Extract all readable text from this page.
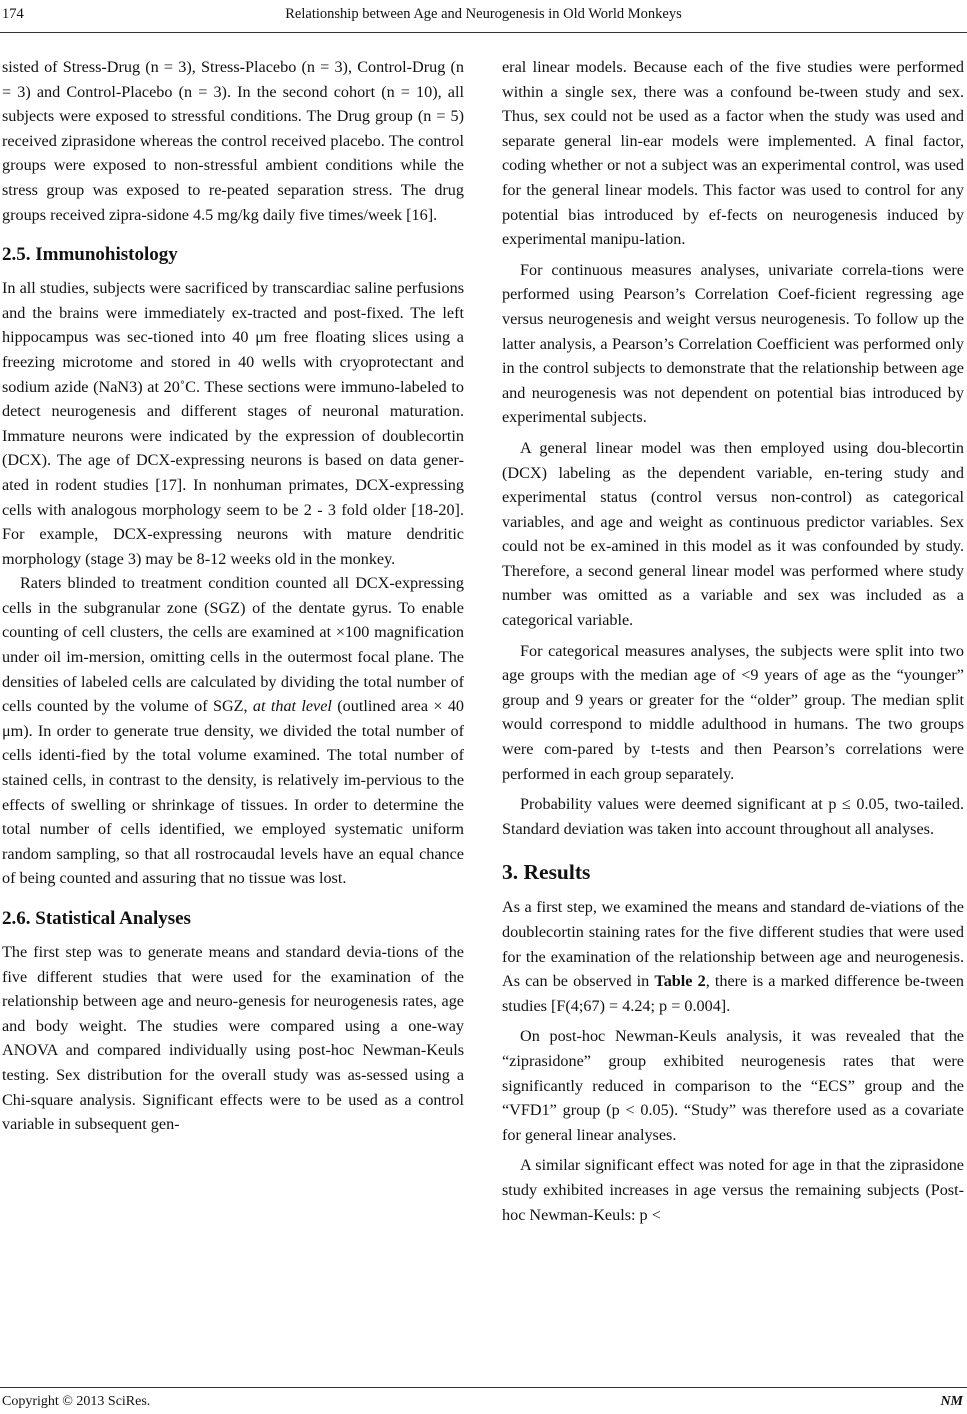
174	Relationship between Age and Neurogenesis in Old World Monkeys

sisted of Stress-Drug (n = 3), Stress-Placebo (n = 3), Control-Drug (n = 3) and Control-Placebo (n = 3). In the second cohort (n = 10), all subjects were exposed to stressful conditions. The Drug group (n = 5) received ziprasidone whereas the control received placebo. The control groups were exposed to non-stressful ambient conditions while the stress group was exposed to re-peated separation stress. The drug groups received zipra-sidone 4.5 mg/kg daily five times/week [16].

2.5. Immunohistology

In all studies, subjects were sacrificed by transcardiac saline perfusions and the brains were immediately ex-tracted and post-fixed. The left hippocampus was sec-tioned into 40 μm free floating slices using a freezing microtome and stored in 40 wells with cryoprotectant and sodium azide (NaN3) at 20˚C. These sections were immuno-labeled to detect neurogenesis and different stages of neuronal maturation. Immature neurons were indicated by the expression of doublecortin (DCX). The age of DCX-expressing neurons is based on data gener-ated in rodent studies [17]. In nonhuman primates, DCX-expressing cells with analogous morphology seem to be 2 - 3 fold older [18-20]. For example, DCX-expressing neurons with mature dendritic morphology (stage 3) may be 8-12 weeks old in the monkey.

Raters blinded to treatment condition counted all DCX-expressing cells in the subgranular zone (SGZ) of the dentate gyrus. To enable counting of cell clusters, the cells are examined at ×100 magnification under oil im-mersion, omitting cells in the outermost focal plane. The densities of labeled cells are calculated by dividing the total number of cells counted by the volume of SGZ, at that level (outlined area × 40 μm). In order to generate true density, we divided the total number of cells identi-fied by the total volume examined. The total number of stained cells, in contrast to the density, is relatively im-pervious to the effects of swelling or shrinkage of tissues. In order to determine the total number of cells identified, we employed systematic uniform random sampling, so that all rostrocaudal levels have an equal chance of being counted and assuring that no tissue was lost.

2.6. Statistical Analyses

The first step was to generate means and standard devia-tions of the five different studies that were used for the examination of the relationship between age and neuro-genesis for neurogenesis rates, age and body weight. The studies were compared using a one-way ANOVA and compared individually using post-hoc Newman-Keuls testing. Sex distribution for the overall study was as-sessed using a Chi-square analysis. Significant effects were to be used as a control variable in subsequent gen-

eral linear models. Because each of the five studies were performed within a single sex, there was a confound be-tween study and sex. Thus, sex could not be used as a factor when the study was used and separate general lin-ear models were implemented. A final factor, coding whether or not a subject was an experimental control, was used for the general linear models. This factor was used to control for any potential bias introduced by ef-fects on neurogenesis induced by experimental manipu-lation.

For continuous measures analyses, univariate correla-tions were performed using Pearson’s Correlation Coef-ficient regressing age versus neurogenesis and weight versus neurogenesis. To follow up the latter analysis, a Pearson’s Correlation Coefficient was performed only in the control subjects to demonstrate that the relationship between age and neurogenesis was not dependent on potential bias introduced by experimental subjects.

A general linear model was then employed using dou-blecortin (DCX) labeling as the dependent variable, en-tering study and experimental status (control versus non-control) as categorical variables, and age and weight as continuous predictor variables. Sex could not be ex-amined in this model as it was confounded by study. Therefore, a second general linear model was performed where study number was omitted as a variable and sex was included as a categorical variable.

For categorical measures analyses, the subjects were split into two age groups with the median age of <9 years of age as the “younger” group and 9 years or greater for the “older” group. The median split would correspond to middle adulthood in humans. The two groups were com-pared by t-tests and then Pearson’s correlations were performed in each group separately.

Probability values were deemed significant at p ≤ 0.05, two-tailed. Standard deviation was taken into account throughout all analyses.

3. Results

As a first step, we examined the means and standard de-viations of the doublecortin staining rates for the five different studies that were used for the examination of the relationship between age and neurogenesis. As can be observed in Table 2, there is a marked difference be-tween studies [F(4;67) = 4.24; p = 0.004].

On post-hoc Newman-Keuls analysis, it was revealed that the “ziprasidone” group exhibited neurogenesis rates that were significantly reduced in comparison to the “ECS” group and the “VFD1” group (p < 0.05). “Study” was therefore used as a covariate for general linear analyses.

A similar significant effect was noted for age in that the ziprasidone study exhibited increases in age versus the remaining subjects (Post-hoc Newman-Keuls: p <

Copyright © 2013 SciRes.	NM
